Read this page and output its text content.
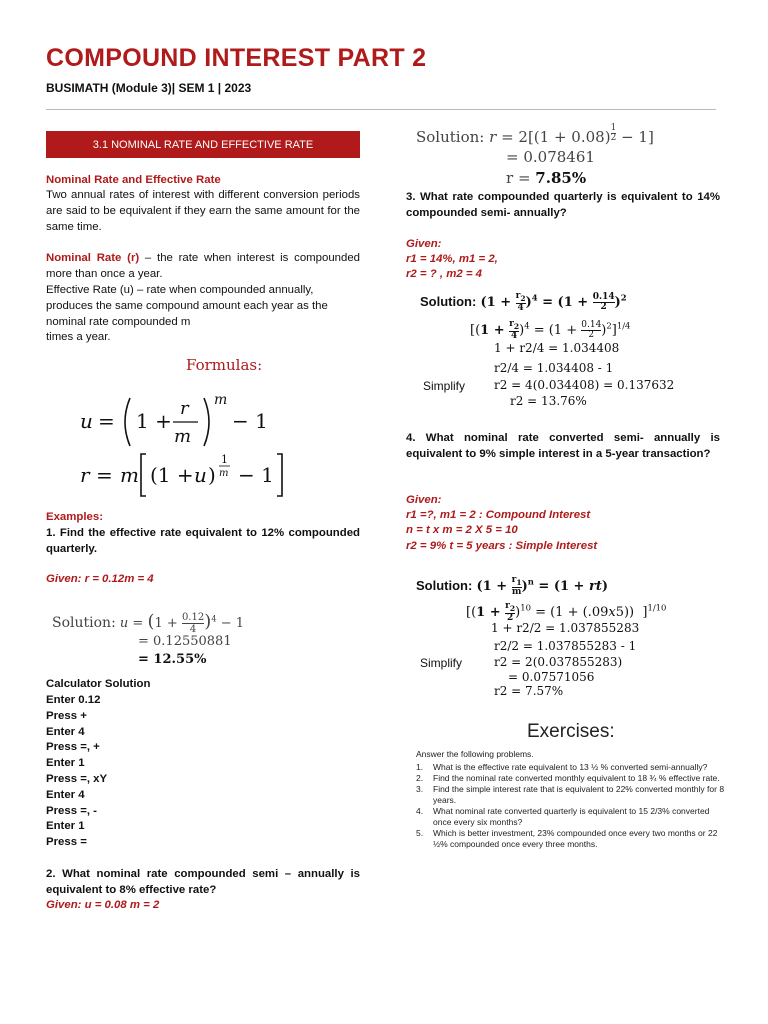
COMPOUND INTEREST PART 2
BUSIMATH (Module 3)| SEM 1 | 2023
3.1 NOMINAL RATE AND EFFECTIVE RATE
Nominal Rate and Effective Rate
Two annual rates of interest with different conversion periods are said to be equivalent if they earn the same amount for the same time.
Nominal Rate (r) – the rate when interest is compounded more than once a year.
Effective Rate (u) – rate when compounded annually, produces the same compound amount each year as the nominal rate compounded m
times a year.
Formulas:
u = 1 +
r
m
m
− 1
r = m (1 + u )
1
m − 1
Examples:
1. Find the effective rate equivalent to 12% compounded quarterly.
Given: r = 0.12m = 4
Solution: u = (1 + 0.12
4 )$^4$ − 1
= 0.12550881
= 12.55%
Calculator Solution
Enter 0.12
Press +
Enter 4
Press =, +
Enter 1
Press =, xY
Enter 4
Press =, -
Enter 1
Press =
2. What nominal rate compounded semi – annually is equivalent to 8% effective rate?
Given: u = 0.08 m = 2
Solution: r = 2[(1 + 0.08) $^{1 2}$ − 1]
= 0.078461
r = 7.85%
3. What rate compounded quarterly is equivalent to 14% compounded semi- annually?
Given:
r1 = 14%, m1 = 2,
r2 = ? , m2 = 4
Solution: ($1 + r_2$
4 )$^4$ = (1 + 0.14
2 )$^2$
[($1 + r_2$
4 )$^4$ = (1 + 0.14
2 )$^2$]$^{1/4}$
1 + r2/4 = 1.034408
r2/4 = 1.034408 - 1
Simplify r2 = 4(0.034408) = 0.137632
r2 = 13.76%
4. What nominal rate converted semi- annually is equivalent to 9% simple interest in a 5-year transaction?
Given:
r1 =?, m1 = 2 : Compound Interest
n = t x m = 2 X 5 = 10
r2 = 9% t = 5 years : Simple Interest
Solution: ($1 + r_1$
m)$^n$ = (1 + rt)
[($1 + r_2$
2 )$^{10}$ = (1 + (.09x5))  ]$^{1/10}$
1 + r2/2 = 1.037855283
r2/2 = 1.037855283 - 1
Simplify	r2 = 2(0.037855283)
= 0.07571056
r2 = 7.57%
Exercises:
Answer the following problems.
1.	What is the effective rate equivalent to 13 ½ % converted semi-annually?
2.	Find the nominal rate converted monthly equivalent to 18 ¾ % effective rate.
3.	Find the simple interest rate that is equivalent to 22% converted monthly for 8 years.
4.	What nominal rate converted quarterly is equivalent to 15 2/3% converted once every six months?
5.	Which is better investment, 23% compounded once every two months or 22 ½% compounded once every three months.
